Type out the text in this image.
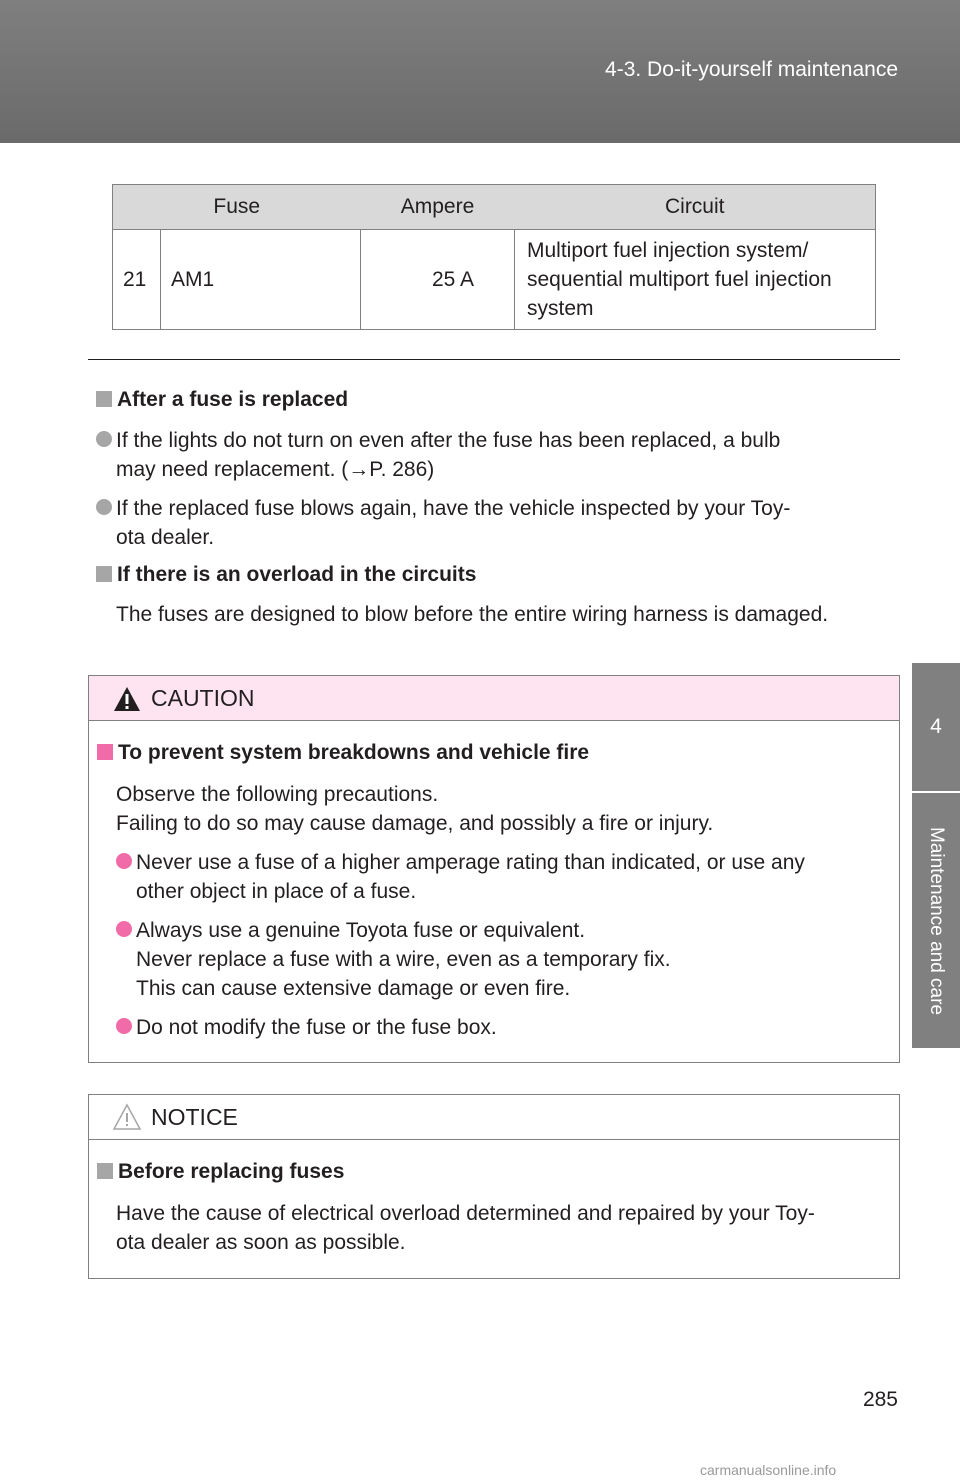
4-3. Do-it-yourself maintenance
4
Maintenance and care
Fuse		Ampere	Circuit
21	AM1	25 A	Multiport fuel injection system/
sequential multiport fuel injection
system
After a fuse is replaced
If the lights do not turn on even after the fuse has been replaced, a bulb
may need replacement. (→P. 286)
If the replaced fuse blows again, have the vehicle inspected by your Toy-
ota dealer.
If there is an overload in the circuits
The fuses are designed to blow before the entire wiring harness is damaged.
CAUTION
To prevent system breakdowns and vehicle fire
Observe the following precautions.
Failing to do so may cause damage, and possibly a fire or injury.
Never use a fuse of a higher amperage rating than indicated, or use any
other object in place of a fuse.
Always use a genuine Toyota fuse or equivalent.
Never replace a fuse with a wire, even as a temporary fix.
This can cause extensive damage or even fire.
Do not modify the fuse or the fuse box.
NOTICE
Before replacing fuses
Have the cause of electrical overload determined and repaired by your Toy-
ota dealer as soon as possible.
285
carmanualsonline.info
